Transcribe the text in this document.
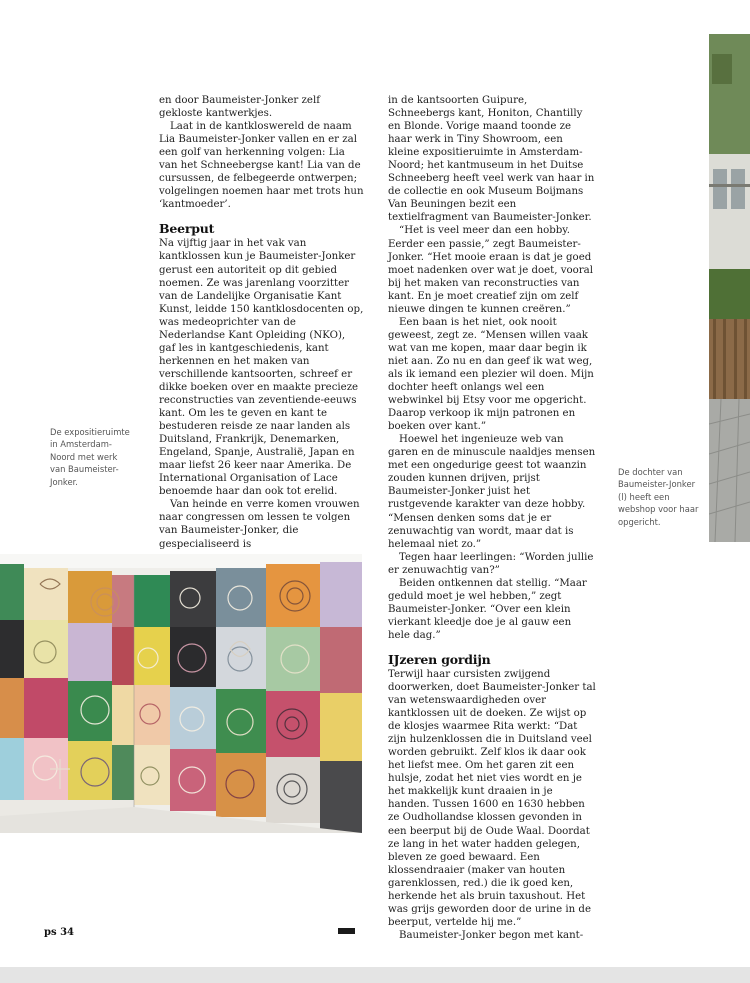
en door Baumeister-Jonker zelf gekloste kantwerkjes.

Laat in de kantkloswereld de naam Lia Baumeister-Jonker vallen en er zal een golf van herkenning volgen: Lia van het Schneebergse kant! Lia van de cursussen, de felbegeerde ontwerpen; volgelingen noemen haar met trots hun ‘kantmoeder’.

Beerput

Na vijftig jaar in het vak van kantklossen kun je Baumeister-Jonker gerust een autoriteit op dit gebied noemen. Ze was jarenlang voorzitter van de Landelijke Organisatie Kant Kunst, leidde 150 kantklosdocenten op, was medeoprichter van de Nederlandse Kant Opleiding (NKO), gaf les in kantgeschiedenis, kant herkennen en het maken van verschillende kantsoorten, schreef er dikke boeken over en maakte precieze reconstructies van zeventiende-eeuws kant. Om les te geven en kant te bestuderen reisde ze naar landen als Duitsland, Frankrijk, Denemarken, Engeland, Spanje, Australië, Japan en maar liefst 26 keer naar Amerika. De International Organisation of Lace benoemde haar dan ook tot erelid.

Van heinde en verre komen vrouwen naar congressen om lessen te volgen van Baumeister-Jonker, die gespecialiseerd is

in de kantsoorten Guipure, Schneebergs kant, Honiton, Chantilly en Blonde. Vorige maand toonde ze haar werk in Tiny Showroom, een kleine expositieruimte in Amsterdam-Noord; het kantmuseum in het Duitse Schneeberg heeft veel werk van haar in de collectie en ook Museum Boijmans Van Beuningen bezit een textielfragment van Baumeister-Jonker.

“Het is veel meer dan een hobby. Eerder een passie,” zegt Baumeister-Jonker. “Het mooie eraan is dat je goed moet nadenken over wat je doet, vooral bij het maken van reconstructies van kant. En je moet creatief zijn om zelf nieuwe dingen te kunnen creëren.”

Een baan is het niet, ook nooit geweest, zegt ze. “Mensen willen vaak wat van me kopen, maar daar begin ik niet aan. Zo nu en dan geef ik wat weg, als ik iemand een plezier wil doen. Mijn dochter heeft onlangs wel een webwinkel bij Etsy voor me opgericht. Daarop verkoop ik mijn patronen en boeken over kant.”

Hoewel het ingenieuze web van garen en de minuscule naaldjes mensen met een ongedurige geest tot waanzin zouden kunnen drijven, prijst Baumeister-Jonker juist het rustgevende karakter van deze hobby. “Mensen denken soms dat je er zenuwachtig van wordt, maar dat is helemaal niet zo.”

Tegen haar leerlingen: “Worden jullie er zenuwachtig van?”

Beiden ontkennen dat stellig. “Maar geduld moet je wel hebben,” zegt Baumeister-Jonker. “Over een klein vierkant kleedje doe je al gauw een hele dag.”

IJzeren gordijn

Terwijl haar cursisten zwijgend doorwerken, doet Baumeister-Jonker tal van wetenswaardigheden over kantklossen uit de doeken. Ze wijst op de klosjes waarmee Rita werkt: “Dat zijn hulzenklossen die in Duitsland veel worden gebruikt. Zelf klos ik daar ook het liefst mee. Om het garen zit een hulsje, zodat het niet vies wordt en je het makkelijk kunt draaien in je handen. Tussen 1600 en 1630 hebben ze Oudhollandse klossen gevonden in een beerput bij de Oude Waal. Doordat ze lang in het water hadden gelegen, bleven ze goed bewaard. Een klossendraaier (maker van houten garenklossen, red.) die ik goed ken, herkende het als bruin taxushout. Het was grijs geworden door de urine in de beerput, vertelde hij me.”

Baumeister-Jonker begon met kant-

De expositieruimte in Amsterdam-Noord met werk van Baumeister-Jonker.
De dochter van Baumeister-Jonker (l) heeft een webshop voor haar opgericht.
ps 34
